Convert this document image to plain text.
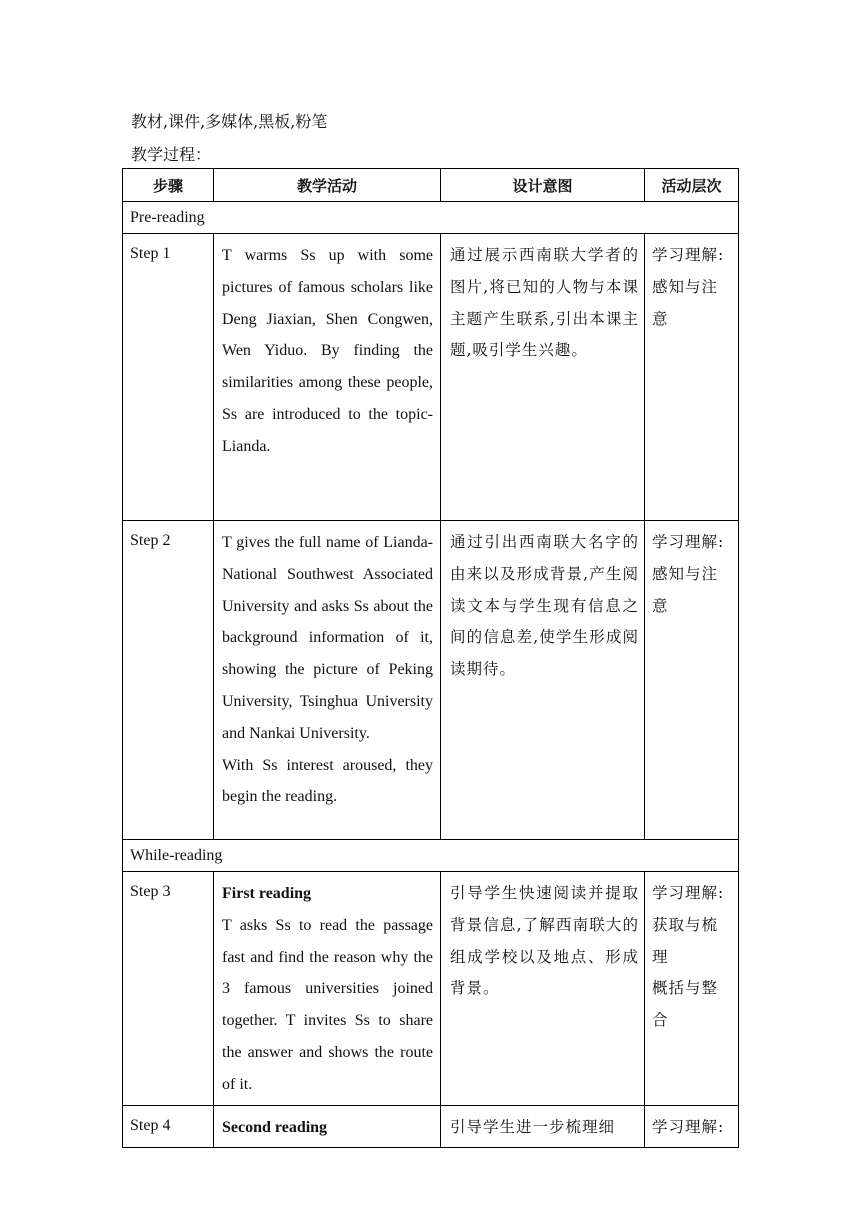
教材,课件,多媒体,黑板,粉笔
教学过程：
步骤	教学活动	设计意图	活动层次
Pre-reading			
Step 1	T warms Ss up with some pictures of famous scholars like Deng Jiaxian, Shen Congwen, Wen Yiduo. By finding the similarities among these people, Ss are introduced to the topic-Lianda.	通过展示西南联大学者的图片,将已知的人物与本课主题产生联系,引出本课主题,吸引学生兴趣。	学习理解:
感知与注意

Step 2	T gives the full name of Lianda-National Southwest Associated University and asks Ss about the background information of it, showing the picture of Peking University, Tsinghua University and Nankai University.
With Ss interest aroused, they begin the reading.	通过引出西南联大名字的由来以及形成背景,产生阅读文本与学生现有信息之间的信息差,使学生形成阅读期待。	学习理解:
感知与注意

While-reading			
Step 3	First reading
T asks Ss to read the passage fast and find the reason why the 3 famous universities joined together. T invites Ss to share the answer and shows the route of it.	引导学生快速阅读并提取背景信息,了解西南联大的组成学校以及地点、形成背景。	学习理解:
获取与梳理
概括与整合

Step 4	Second reading	引导学生进一步梳理细	学习理解:
